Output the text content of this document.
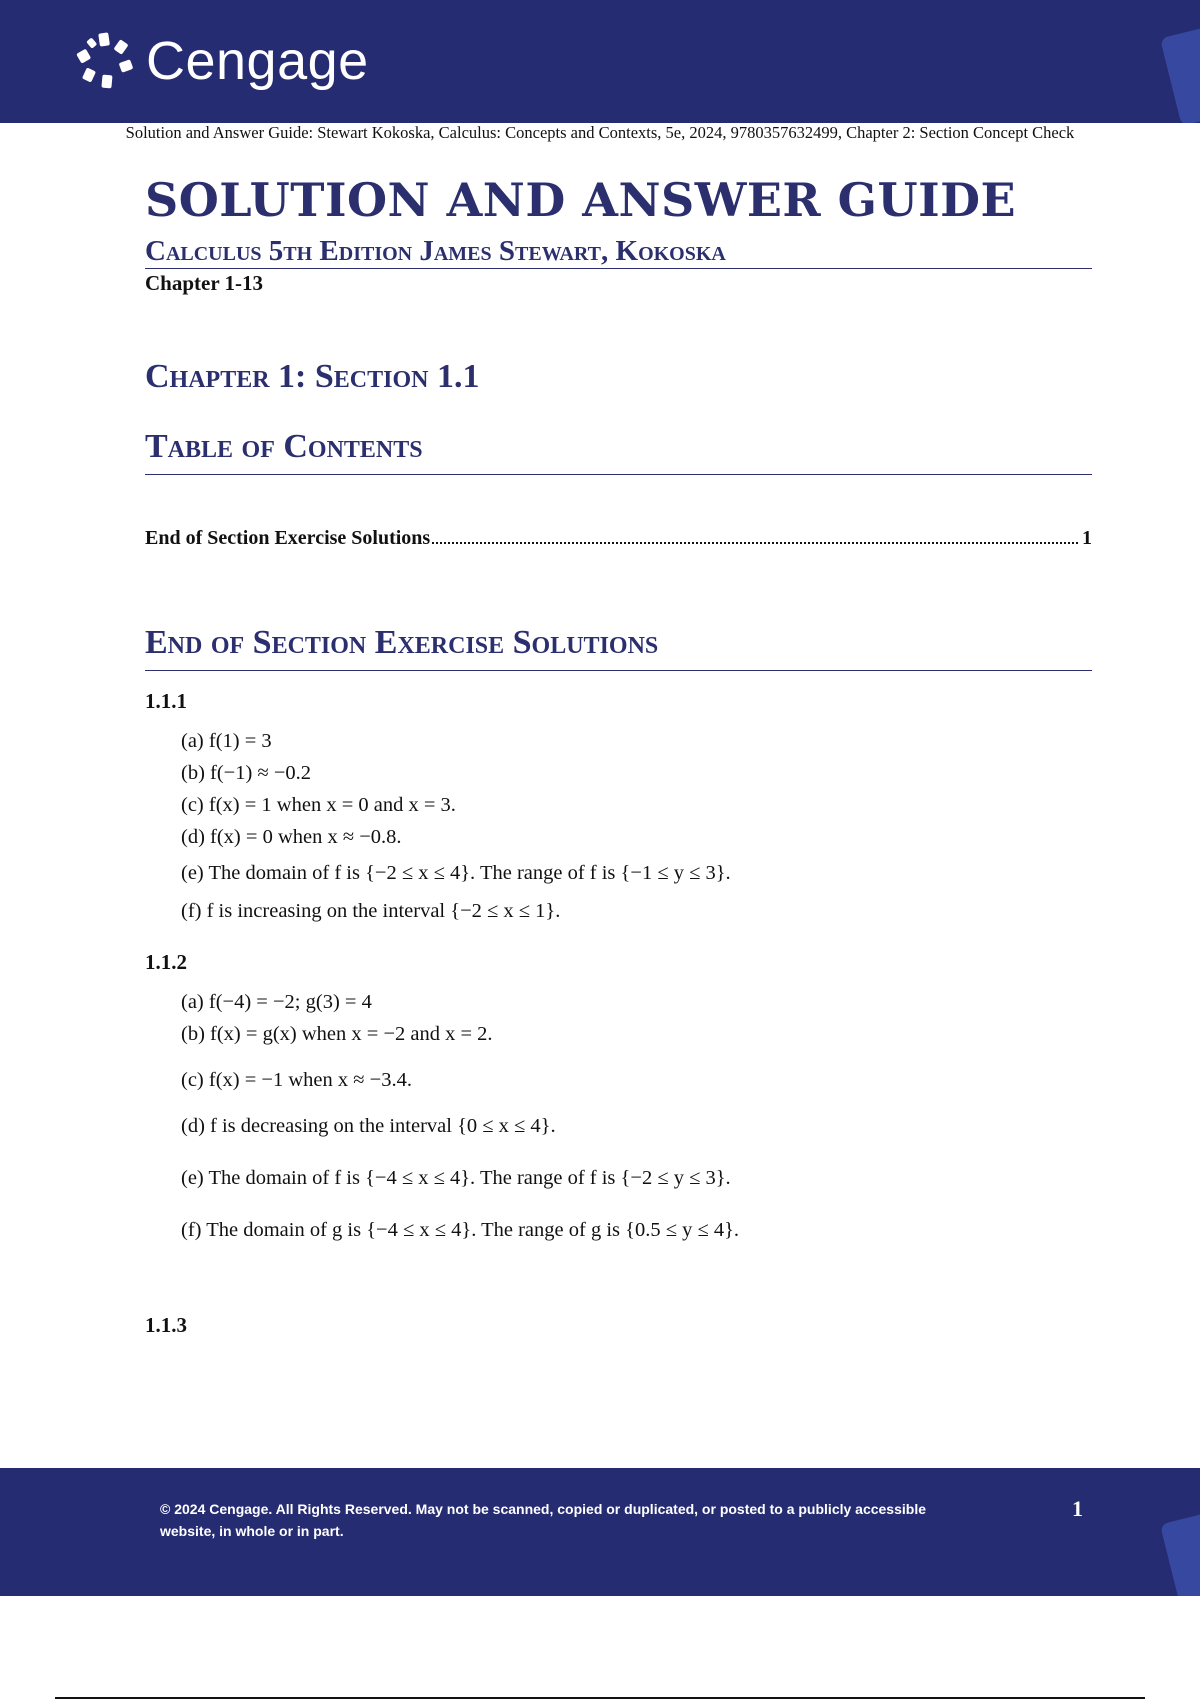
Cengage
Solution and Answer Guide: Stewart Kokoska, Calculus: Concepts and Contexts, 5e, 2024, 9780357632499, Chapter 2: Section Concept Check
SOLUTION AND ANSWER GUIDE
Calculus 5th Edition James Stewart, Kokoska
Chapter 1-13
Chapter 1: Section 1.1
Table of Contents
End of Section Exercise Solutions	1
End of Section Exercise Solutions
1.1.1
(a) f(1) = 3
(b) f(−1) ≈ −0.2
(c) f(x) = 1 when x = 0 and x = 3.
(d) f(x) = 0 when x ≈ −0.8.
(e) The domain of f is {−2 ≤ x ≤ 4}. The range of f is {−1 ≤ y ≤ 3}.
(f) f is increasing on the interval {−2 ≤ x ≤ 1}.
1.1.2
(a) f(−4) = −2; g(3) = 4
(b) f(x) = g(x) when x = −2 and x = 2.
(c) f(x) = −1 when x ≈ −3.4.
(d) f is decreasing on the interval {0 ≤ x ≤ 4}.
(e) The domain of f is {−4 ≤ x ≤ 4}. The range of f is {−2 ≤ y ≤ 3}.
(f) The domain of g is {−4 ≤ x ≤ 4}. The range of g is {0.5 ≤ y ≤ 4}.
1.1.3
© 2024 Cengage. All Rights Reserved. May not be scanned, copied or duplicated, or posted to a publicly accessible website, in whole or in part.
1
